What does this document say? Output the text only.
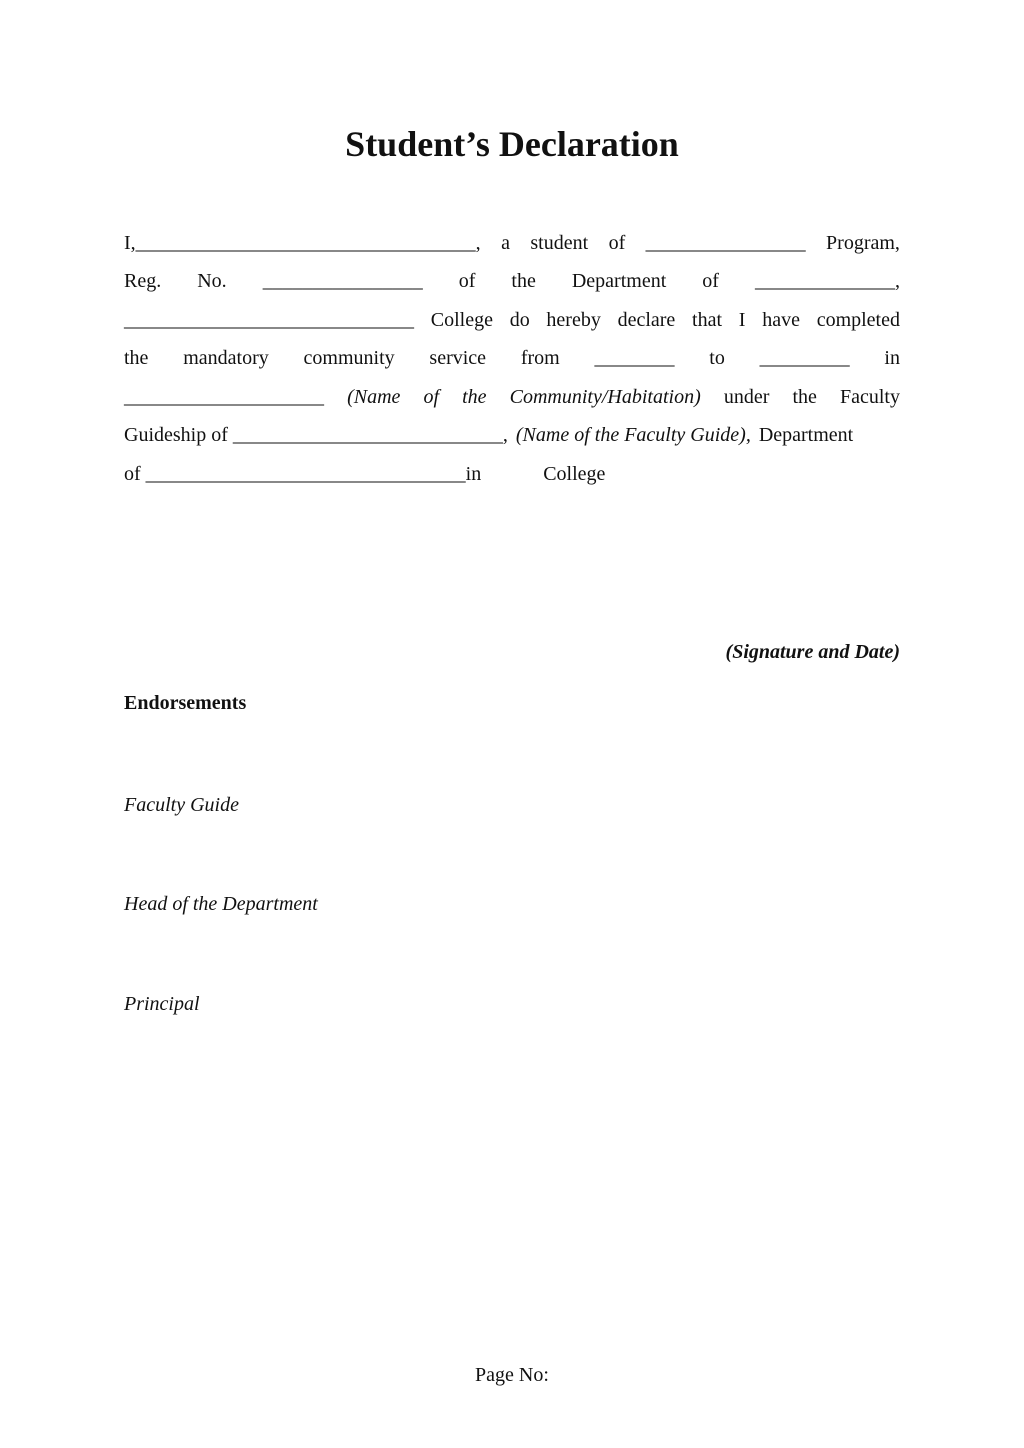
Student’s Declaration
I,__________________________________, a student of ________________ Program,
Reg. No. ________________ of the Department of ______________,
_____________________________ College do hereby declare that I have completed
the mandatory community service from ________ to _________ in
____________________ (Name of the Community/Habitation) under the Faculty
Guideship of ___________________________, (Name of the Faculty Guide), Department
of ________________________________in	College
(Signature and Date)
Endorsements
Faculty Guide
Head of the Department
Principal
Page No:
